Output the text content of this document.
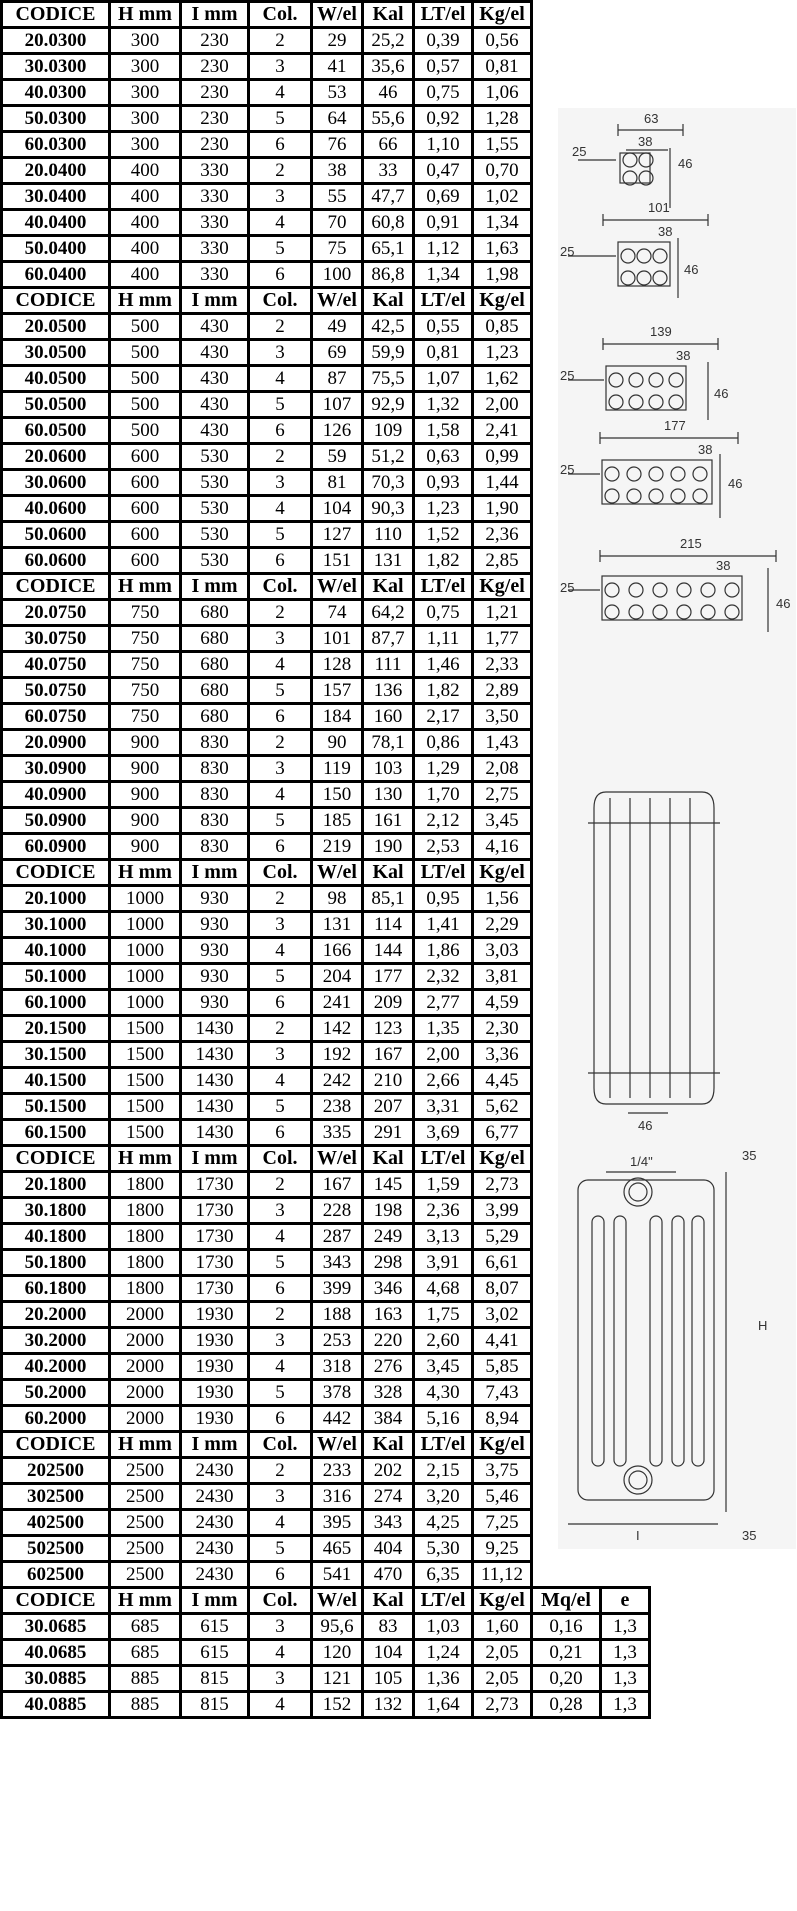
CODICE	H mm	I mm	Col.	W/el	Kal	LT/el	Kg/el		
20.0300	300	230	2	29	25,2	0,39	0,56		
30.0300	300	230	3	41	35,6	0,57	0,81		
40.0300	300	230	4	53	46	0,75	1,06		
50.0300	300	230	5	64	55,6	0,92	1,28		
60.0300	300	230	6	76	66	1,10	1,55		
20.0400	400	330	2	38	33	0,47	0,70		
30.0400	400	330	3	55	47,7	0,69	1,02		
40.0400	400	330	4	70	60,8	0,91	1,34		
50.0400	400	330	5	75	65,1	1,12	1,63		
60.0400	400	330	6	100	86,8	1,34	1,98		
CODICE	H mm	I mm	Col.	W/el	Kal	LT/el	Kg/el		
20.0500	500	430	2	49	42,5	0,55	0,85		
30.0500	500	430	3	69	59,9	0,81	1,23		
40.0500	500	430	4	87	75,5	1,07	1,62		
50.0500	500	430	5	107	92,9	1,32	2,00		
60.0500	500	430	6	126	109	1,58	2,41		
20.0600	600	530	2	59	51,2	0,63	0,99		
30.0600	600	530	3	81	70,3	0,93	1,44		
40.0600	600	530	4	104	90,3	1,23	1,90		
50.0600	600	530	5	127	110	1,52	2,36		
60.0600	600	530	6	151	131	1,82	2,85		
CODICE	H mm	I mm	Col.	W/el	Kal	LT/el	Kg/el		
20.0750	750	680	2	74	64,2	0,75	1,21		
30.0750	750	680	3	101	87,7	1,11	1,77		
40.0750	750	680	4	128	111	1,46	2,33		
50.0750	750	680	5	157	136	1,82	2,89		
60.0750	750	680	6	184	160	2,17	3,50		
20.0900	900	830	2	90	78,1	0,86	1,43		
30.0900	900	830	3	119	103	1,29	2,08		
40.0900	900	830	4	150	130	1,70	2,75		
50.0900	900	830	5	185	161	2,12	3,45		
60.0900	900	830	6	219	190	2,53	4,16		
CODICE	H mm	I mm	Col.	W/el	Kal	LT/el	Kg/el		
20.1000	1000	930	2	98	85,1	0,95	1,56		
30.1000	1000	930	3	131	114	1,41	2,29		
40.1000	1000	930	4	166	144	1,86	3,03		
50.1000	1000	930	5	204	177	2,32	3,81		
60.1000	1000	930	6	241	209	2,77	4,59		
20.1500	1500	1430	2	142	123	1,35	2,30		
30.1500	1500	1430	3	192	167	2,00	3,36		
40.1500	1500	1430	4	242	210	2,66	4,45		
50.1500	1500	1430	5	238	207	3,31	5,62		
60.1500	1500	1430	6	335	291	3,69	6,77		
CODICE	H mm	I mm	Col.	W/el	Kal	LT/el	Kg/el		
20.1800	1800	1730	2	167	145	1,59	2,73		
30.1800	1800	1730	3	228	198	2,36	3,99		
40.1800	1800	1730	4	287	249	3,13	5,29		
50.1800	1800	1730	5	343	298	3,91	6,61		
60.1800	1800	1730	6	399	346	4,68	8,07		
20.2000	2000	1930	2	188	163	1,75	3,02		
30.2000	2000	1930	3	253	220	2,60	4,41		
40.2000	2000	1930	4	318	276	3,45	5,85		
50.2000	2000	1930	5	378	328	4,30	7,43		
60.2000	2000	1930	6	442	384	5,16	8,94		
CODICE	H mm	I mm	Col.	W/el	Kal	LT/el	Kg/el		
202500	2500	2430	2	233	202	2,15	3,75		
302500	2500	2430	3	316	274	3,20	5,46		
402500	2500	2430	4	395	343	4,25	7,25		
502500	2500	2430	5	465	404	5,30	9,25		
602500	2500	2430	6	541	470	6,35	11,12		
CODICE	H mm	I mm	Col.	W/el	Kal	LT/el	Kg/el	Mq/el	e
30.0685	685	615	3	95,6	83	1,03	1,60	0,16	1,3
40.0685	685	615	4	120	104	1,24	2,05	0,21	1,3
30.0885	885	815	3	121	105	1,36	2,05	0,20	1,3
40.0885	885	815	4	152	132	1,64	2,73	0,28	1,3
63
38
25
46
101
38
25
46
139
38
25
46
177
38
25
46
215
38
25
46
46
1/4"	35
H
I	35
